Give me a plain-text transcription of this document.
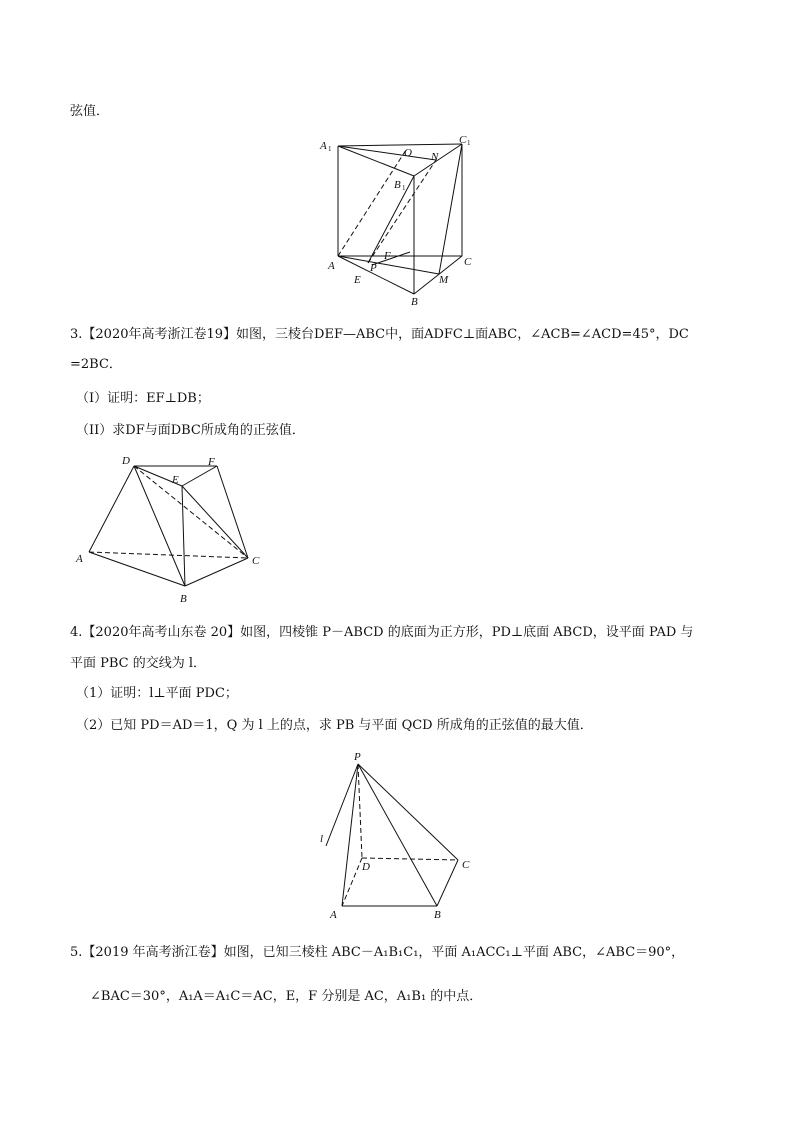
弦值．
A 1
C 1
O N
B 1
F
P
A	C
E	M
B
3.【2020年高考浙江卷19】如图，三棱台DEF—ABC中，面ADFC⊥面ABC，∠ACB=∠ACD=45°，DC
=2BC．
（I）证明：EF⊥DB；
（II）求DF与面DBC所成角的正弦值．
D
E
F
A	C
B
4.【2020年高考山东卷 20】如图，四棱锥 P－ABCD 的底面为正方形，PD⊥底面 ABCD，设平面 PAD 与
平面 PBC 的交线为 l．
（1）证明：l⊥平面 PDC；
（2）已知 PD＝AD＝1，Q 为 l 上的点，求 PB 与平面 QCD 所成角的正弦值的最大值．
P
l
D	C
A	B
5.【2019 年高考浙江卷】如图，已知三棱柱 ABC－A₁B₁C₁，平面 A₁ACC₁⊥平面 ABC，∠ABC＝90°，
∠BAC＝30°，A₁A＝A₁C＝AC，E，F 分别是 AC，A₁B₁ 的中点．
